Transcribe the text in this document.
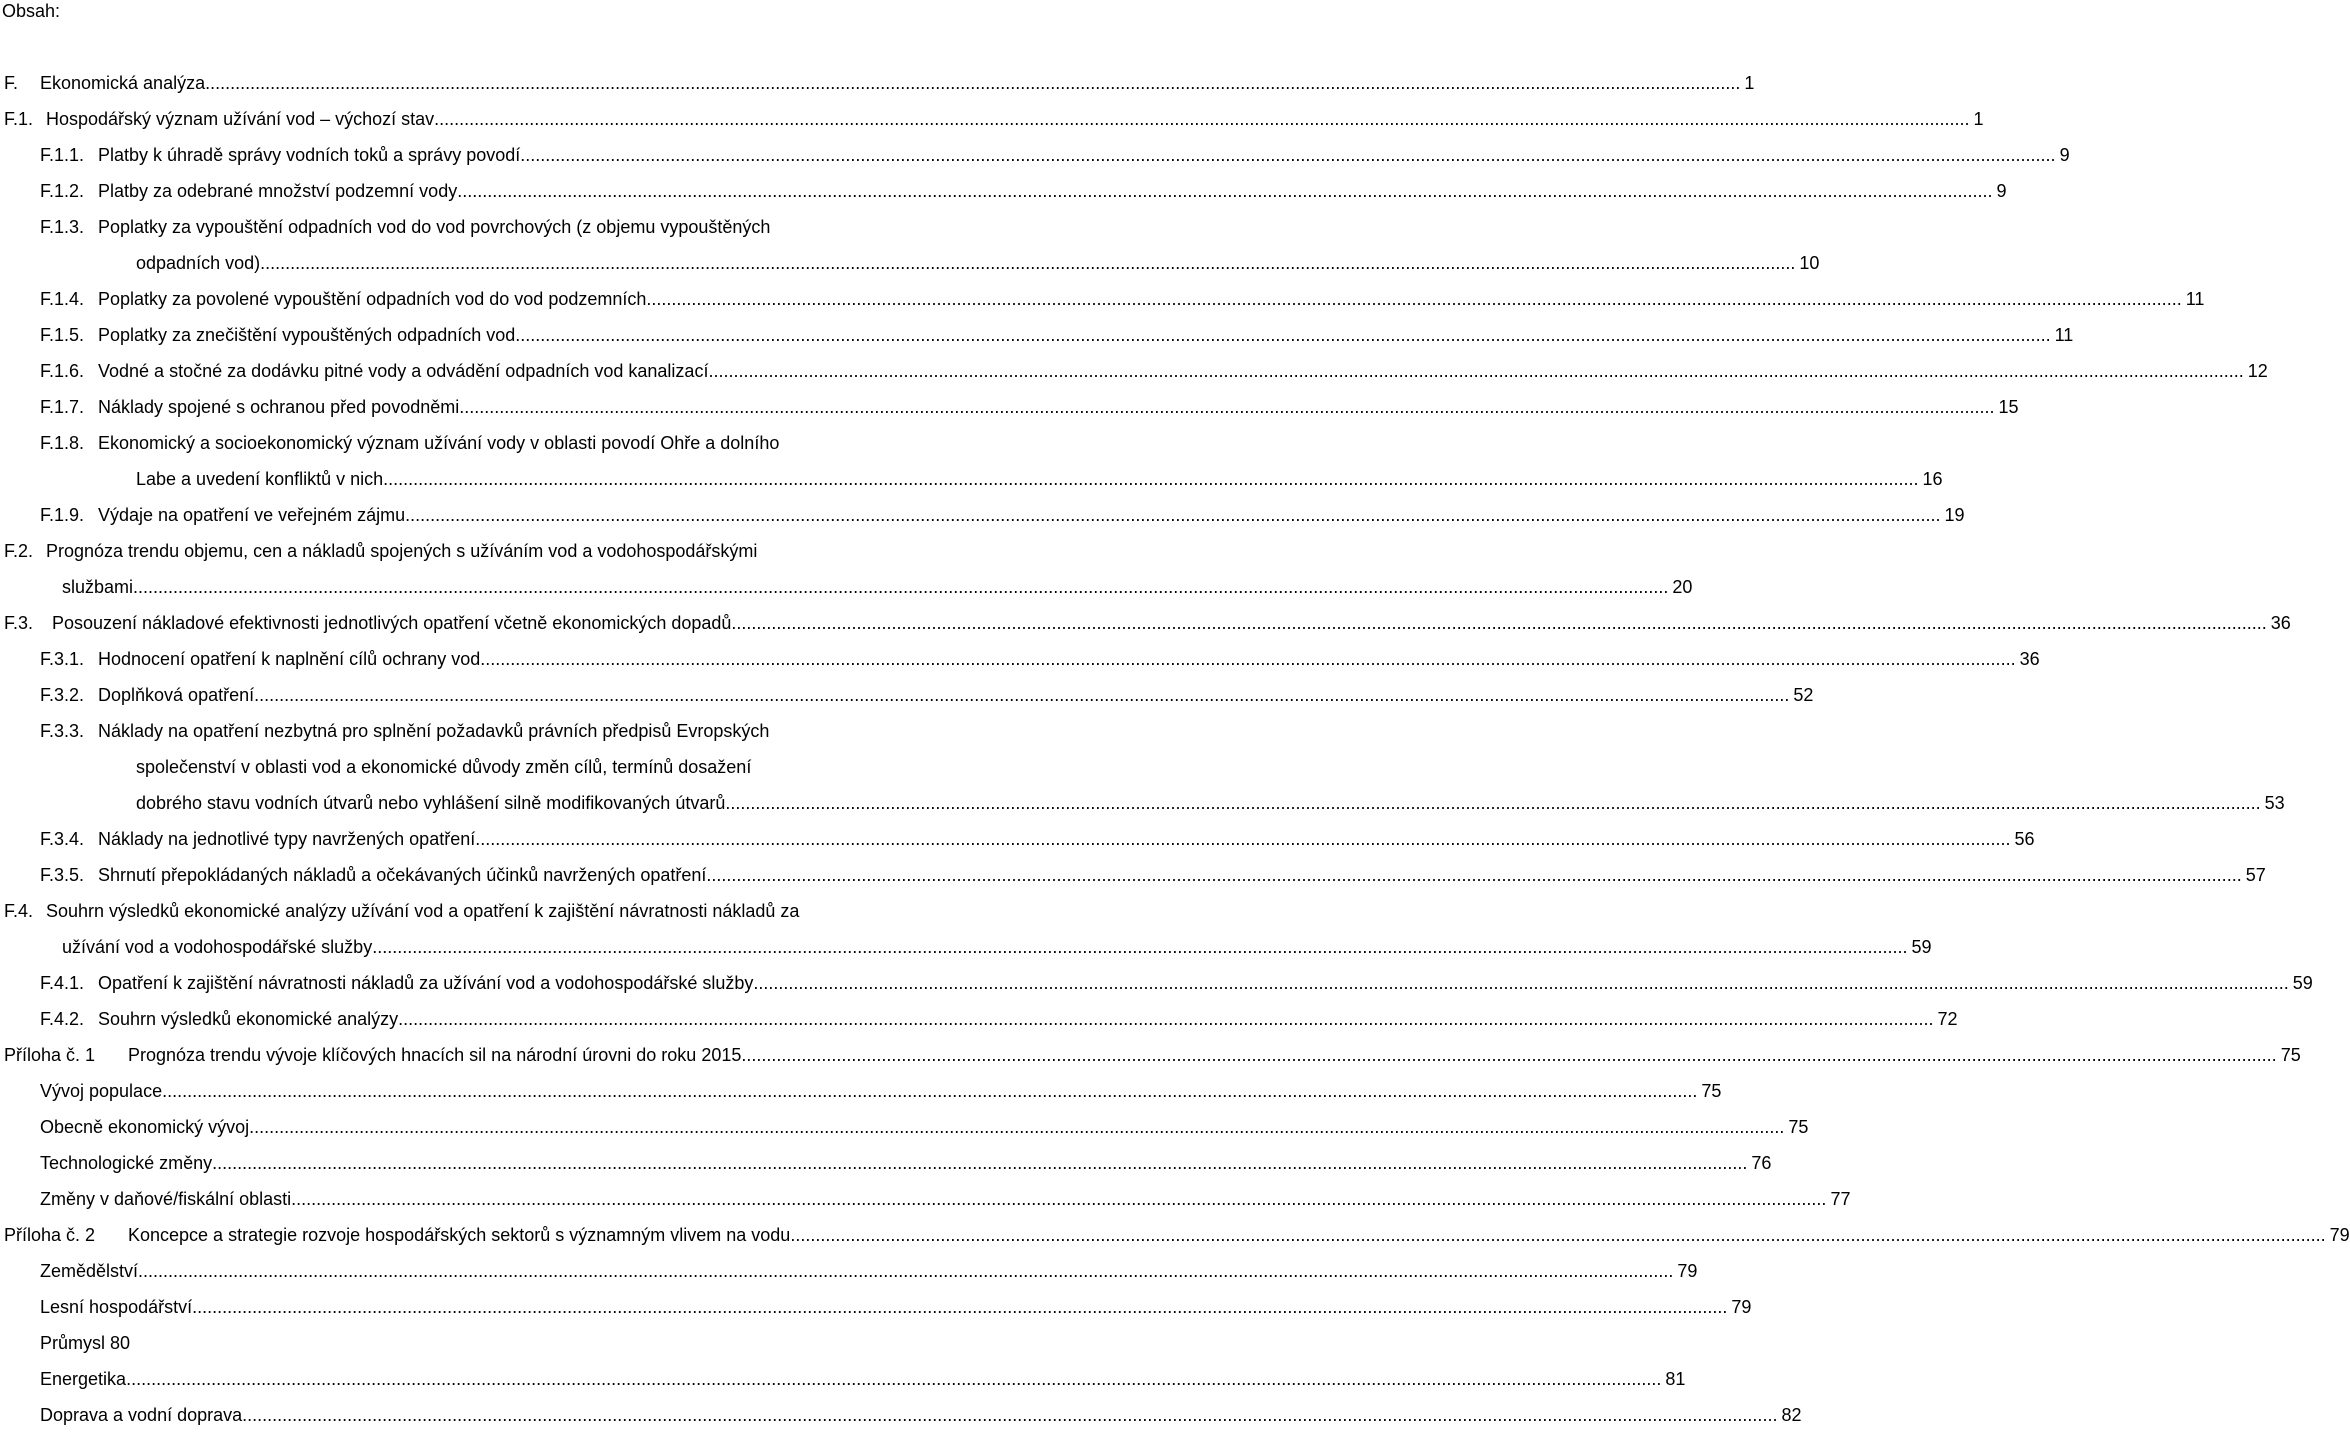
Obsah:
F.	Ekonomická analýza .....	1
F.1. Hospodářský význam užívání vod – výchozí stav .....	1
F.1.1. Platby k úhradě správy vodních toků a správy povodí .....	9
F.1.2. Platby za odebrané množství podzemní vody .....	9
F.1.3. Poplatky za vypouštění odpadních vod do vod povrchových (z objemu vypouštěných
odpadních vod) .....	10
F.1.4. Poplatky za povolené vypouštění odpadních vod do vod podzemních .....	11
F.1.5. Poplatky za znečištění vypouštěných odpadních vod .....	11
F.1.6. Vodné a stočné za dodávku pitné vody a odvádění odpadních vod kanalizací .....	12
F.1.7. Náklady spojené s ochranou před povodněmi .....	15
F.1.8. Ekonomický a socioekonomický význam užívání vody v oblasti povodí Ohře a dolního
Labe a uvedení konfliktů v nich .....	16
F.1.9. Výdaje na opatření ve veřejném zájmu .....	19
F.2. Prognóza trendu objemu, cen a nákladů spojených s užíváním vod a vodohospodářskými
službami .....	20
F.3.	Posouzení nákladové efektivnosti jednotlivých opatření včetně ekonomických dopadů .....	36
F.3.1. Hodnocení opatření k naplnění cílů ochrany vod .....	36
F.3.2. Doplňková opatření .....	52
F.3.3. Náklady na opatření nezbytná pro splnění požadavků právních předpisů Evropských
společenství v oblasti vod a ekonomické důvody změn cílů, termínů dosažení
dobrého stavu vodních útvarů nebo vyhlášení silně modifikovaných útvarů .....	53
F.3.4. Náklady na jednotlivé typy navržených opatření .....	56
F.3.5. Shrnutí přepokládaných nákladů a očekávaných účinků navržených opatření .....	57
F.4. Souhrn výsledků ekonomické analýzy užívání vod a opatření k zajištění návratnosti nákladů za
užívání vod a vodohospodářské služby .....	59
F.4.1. Opatření k zajištění návratnosti nákladů za užívání vod a vodohospodářské služby .....	59
F.4.2. Souhrn výsledků ekonomické analýzy .....	72
Příloha č. 1	Prognóza trendu vývoje klíčových hnacích sil na národní úrovni do roku 2015 .....	75
Vývoj populace .....	75
Obecně ekonomický vývoj .....	75
Technologické změny .....	76
Změny v daňové/fiskální oblasti .....	77
Příloha č. 2	Koncepce a strategie rozvoje hospodářských sektorů s významným vlivem na vodu .....	79
Zemědělství .....	79
Lesní hospodářství .....	79
Průmysl 80
Energetika .....	81
Doprava a vodní doprava .....	82
